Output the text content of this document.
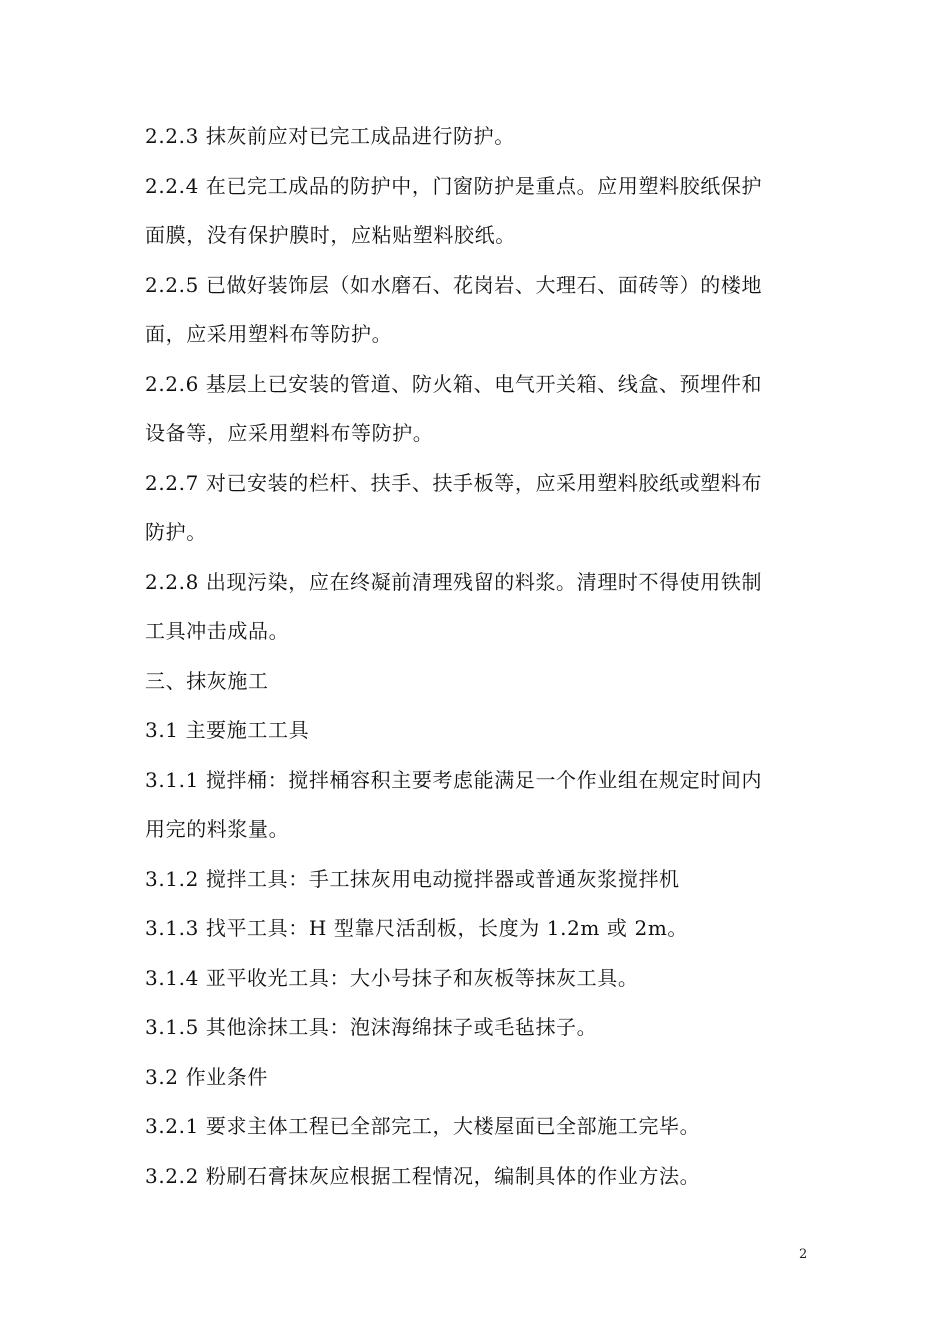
2.2.3 抹灰前应对已完工成品进行防护。
2.2.4 在已完工成品的防护中，门窗防护是重点。应用塑料胶纸保护
面膜，没有保护膜时，应粘贴塑料胶纸。
2.2.5 已做好装饰层（如水磨石、花岗岩、大理石、面砖等）的楼地
面，应采用塑料布等防护。
2.2.6 基层上已安装的管道、防火箱、电气开关箱、线盒、预埋件和
设备等，应采用塑料布等防护。
2.2.7 对已安装的栏杆、扶手、扶手板等，应采用塑料胶纸或塑料布
防护。
2.2.8 出现污染，应在终凝前清理残留的料浆。清理时不得使用铁制
工具冲击成品。
三、抹灰施工
3.1 主要施工工具
3.1.1 搅拌桶：搅拌桶容积主要考虑能满足一个作业组在规定时间内
用完的料浆量。
3.1.2 搅拌工具：手工抹灰用电动搅拌器或普通灰浆搅拌机
3.1.3 找平工具：H 型靠尺活刮板，长度为 1.2m 或 2m。
3.1.4 亚平收光工具：大小号抹子和灰板等抹灰工具。
3.1.5 其他涂抹工具：泡沫海绵抹子或毛毡抹子。
3.2 作业条件
3.2.1 要求主体工程已全部完工，大楼屋面已全部施工完毕。
3.2.2 粉刷石膏抹灰应根据工程情况，编制具体的作业方法。
2
